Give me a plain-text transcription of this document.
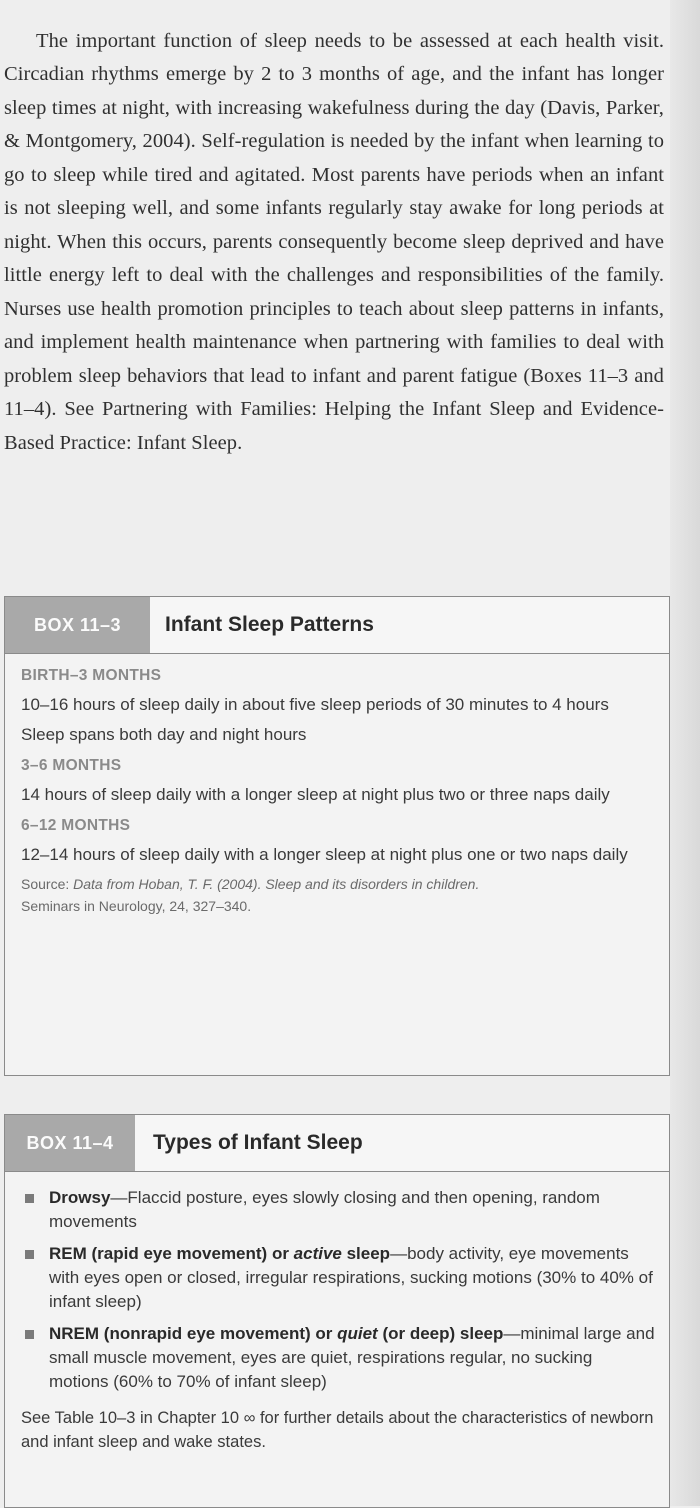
The important function of sleep needs to be assessed at each health visit. Circadian rhythms emerge by 2 to 3 months of age, and the infant has longer sleep times at night, with increasing wakefulness during the day (Davis, Parker, & Montgomery, 2004). Self-regulation is needed by the infant when learning to go to sleep while tired and agitated. Most parents have periods when an infant is not sleeping well, and some infants regularly stay awake for long periods at night. When this occurs, parents consequently become sleep deprived and have little energy left to deal with the challenges and responsibilities of the family. Nurses use health promotion principles to teach about sleep patterns in infants, and implement health maintenance when partnering with families to deal with problem sleep behaviors that lead to infant and parent fatigue (Boxes 11–3 and 11–4). See Partnering with Families: Helping the Infant Sleep and Evidence-Based Practice: Infant Sleep.

BOX 11–3	Infant Sleep Patterns
BIRTH–3 MONTHS
10–16 hours of sleep daily in about five sleep periods of 30 minutes to 4 hours
Sleep spans both day and night hours
3–6 MONTHS
14 hours of sleep daily with a longer sleep at night plus two or three naps daily
6–12 MONTHS
12–14 hours of sleep daily with a longer sleep at night plus one or two naps daily
Source: Data from Hoban, T. F. (2004). Sleep and its disorders in children.
Seminars in Neurology, 24, 327–340.
BOX 11–4	Types of Infant Sleep
Drowsy—Flaccid posture, eyes slowly closing and then opening, random movements
REM (rapid eye movement) or active sleep—body activity, eye movements with eyes open or closed, irregular respirations, sucking motions (30% to 40% of infant sleep)
NREM (nonrapid eye movement) or quiet (or deep) sleep—minimal large and small muscle movement, eyes are quiet, respirations regular, no sucking motions (60% to 70% of infant sleep)
See Table 10–3 in Chapter 10 ∞ for further details about the characteristics of newborn and infant sleep and wake states.
